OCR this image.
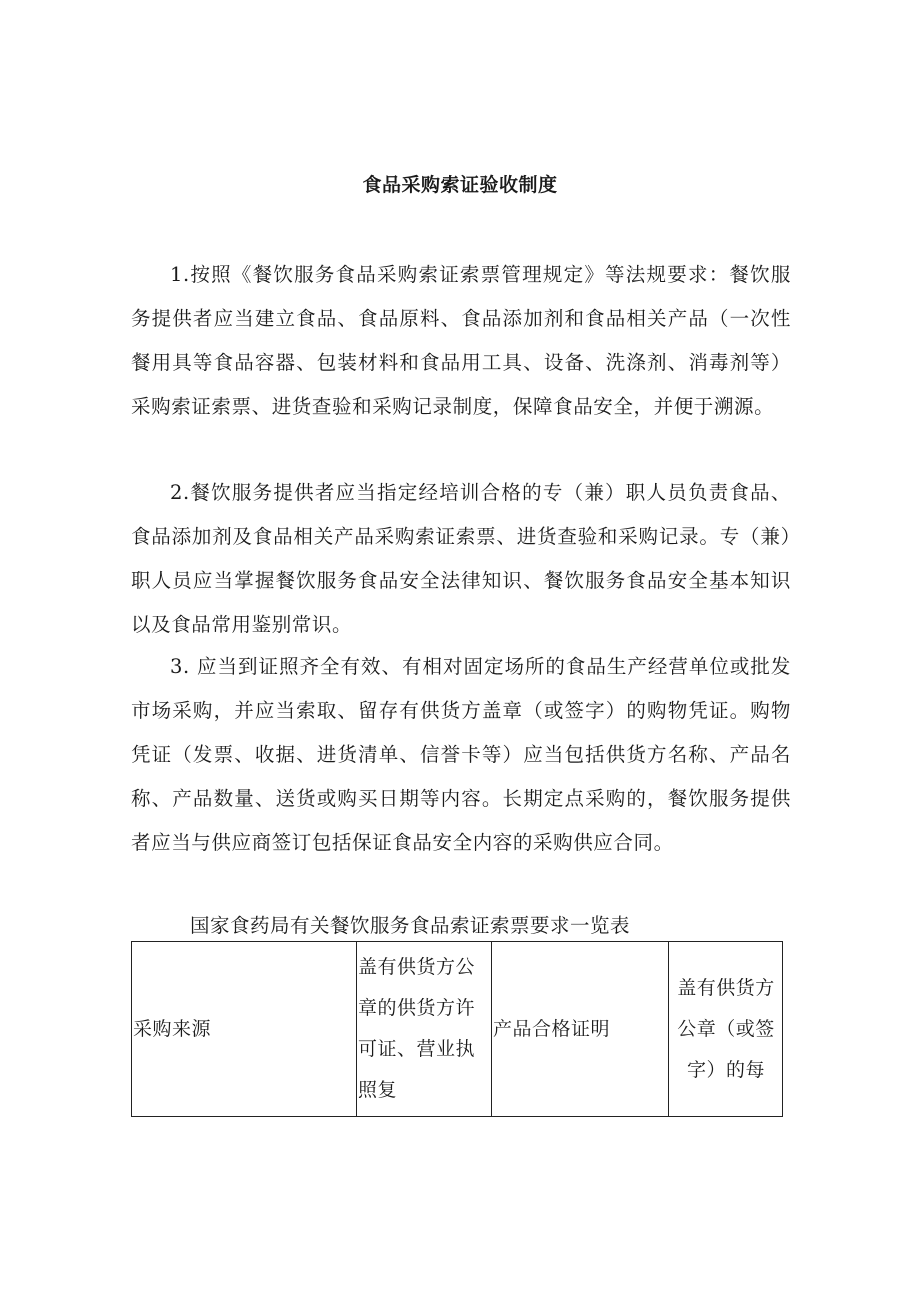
食品采购索证验收制度

1.按照《餐饮服务食品采购索证索票管理规定》等法规要求：餐饮服务提供者应当建立食品、食品原料、食品添加剂和食品相关产品（一次性餐用具等食品容器、包装材料和食品用工具、设备、洗涤剂、消毒剂等）采购索证索票、进货查验和采购记录制度，保障食品安全，并便于溯源。

2.餐饮服务提供者应当指定经培训合格的专（兼）职人员负责食品、食品添加剂及食品相关产品采购索证索票、进货查验和采购记录。专（兼）职人员应当掌握餐饮服务食品安全法律知识、餐饮服务食品安全基本知识以及食品常用鉴别常识。

3. 应当到证照齐全有效、有相对固定场所的食品生产经营单位或批发市场采购，并应当索取、留存有供货方盖章（或签字）的购物凭证。购物凭证（发票、收据、进货清单、信誉卡等）应当包括供货方名称、产品名称、产品数量、送货或购买日期等内容。长期定点采购的，餐饮服务提供者应当与供应商签订包括保证食品安全内容的采购供应合同。

国家食药局有关餐饮服务食品索证索票要求一览表
采购来源	盖有供货方公章的供货方许可证、营业执照复	产品合格证明	盖有供货方公章（或签字）的每
